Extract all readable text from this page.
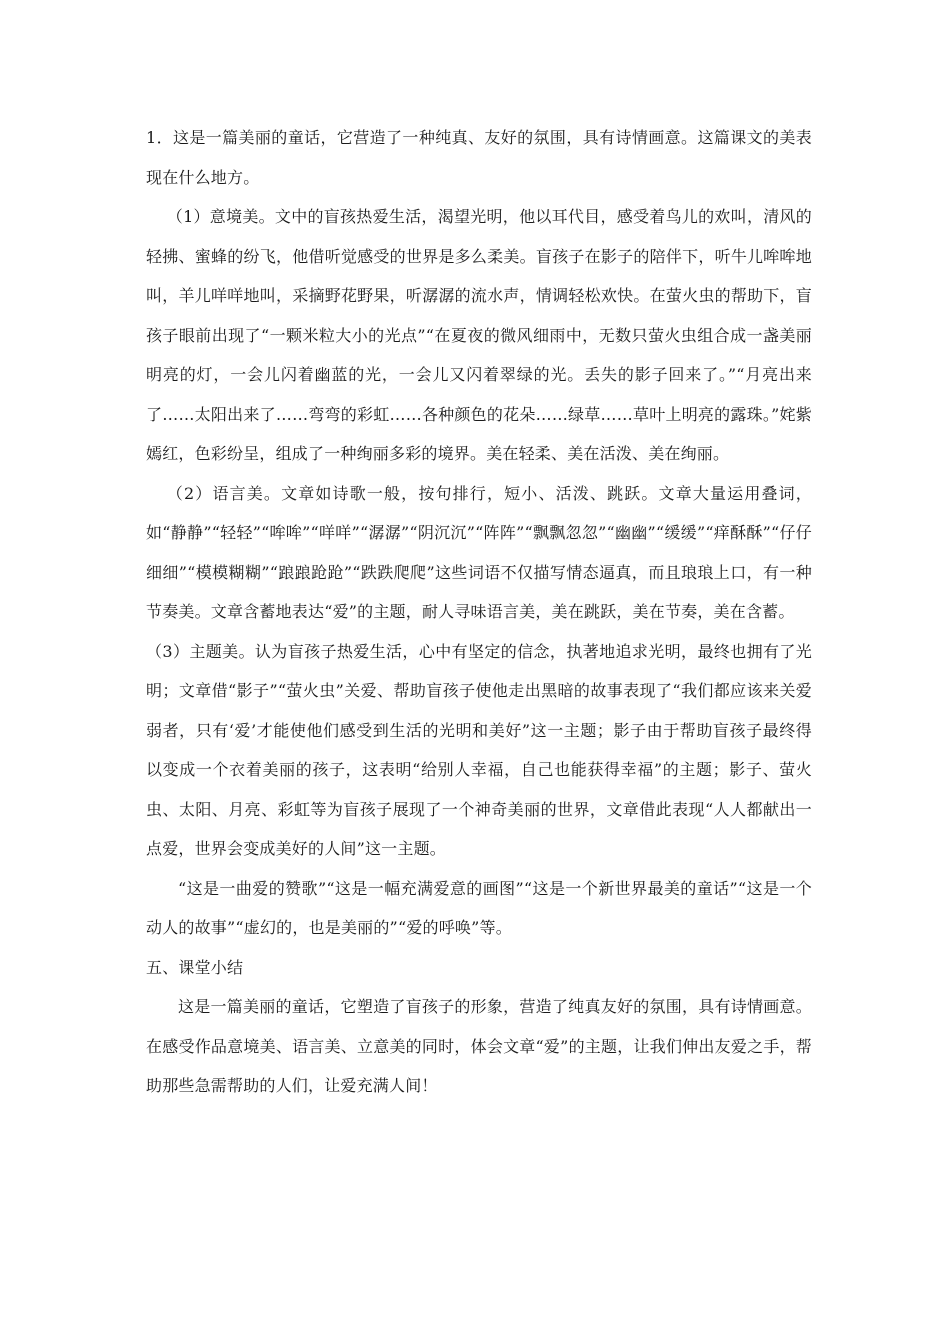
1．这是一篇美丽的童话，它营造了一种纯真、友好的氛围，具有诗情画意。这篇课文的美表现在什么地方。

（1）意境美。文中的盲孩热爱生活，渴望光明，他以耳代目，感受着鸟儿的欢叫，清风的轻拂、蜜蜂的纷飞，他借听觉感受的世界是多么柔美。盲孩子在影子的陪伴下，听牛儿哞哞地叫，羊儿咩咩地叫，采摘野花野果，听潺潺的流水声，情调轻松欢快。在萤火虫的帮助下，盲孩子眼前出现了“一颗米粒大小的光点”“在夏夜的微风细雨中，无数只萤火虫组合成一盏美丽明亮的灯，一会儿闪着幽蓝的光，一会儿又闪着翠绿的光。丢失的影子回来了。”“月亮出来了……太阳出来了……弯弯的彩虹……各种颜色的花朵……绿草……草叶上明亮的露珠。”姹紫嫣红，色彩纷呈，组成了一种绚丽多彩的境界。美在轻柔、美在活泼、美在绚丽。

（2）语言美。文章如诗歌一般，按句排行，短小、活泼、跳跃。文章大量运用叠词，如“静静”“轻轻”“哞哞”“咩咩”“潺潺”“阴沉沉”“阵阵”“飘飘忽忽”“幽幽”“缓缓”“痒酥酥”“仔仔细细”“模模糊糊”“踉踉跄跄”“跌跌爬爬”这些词语不仅描写情态逼真，而且琅琅上口，有一种节奏美。文章含蓄地表达“爱”的主题，耐人寻味语言美，美在跳跃，美在节奏，美在含蓄。

（3）主题美。认为盲孩子热爱生活，心中有坚定的信念，执著地追求光明，最终也拥有了光明；文章借“影子”“萤火虫”关爱、帮助盲孩子使他走出黑暗的故事表现了“我们都应该来关爱弱者，只有‘爱’才能使他们感受到生活的光明和美好”这一主题；影子由于帮助盲孩子最终得以变成一个衣着美丽的孩子，这表明“给别人幸福，自己也能获得幸福”的主题；影子、萤火虫、太阳、月亮、彩虹等为盲孩子展现了一个神奇美丽的世界，文章借此表现“人人都献出一点爱，世界会变成美好的人间”这一主题。

“这是一曲爱的赞歌”“这是一幅充满爱意的画图”“这是一个新世界最美的童话”“这是一个动人的故事”“虚幻的，也是美丽的”“爱的呼唤”等。

五、课堂小结

这是一篇美丽的童话，它塑造了盲孩子的形象，营造了纯真友好的氛围，具有诗情画意。在感受作品意境美、语言美、立意美的同时，体会文章“爱”的主题，让我们伸出友爱之手，帮助那些急需帮助的人们，让爱充满人间！
